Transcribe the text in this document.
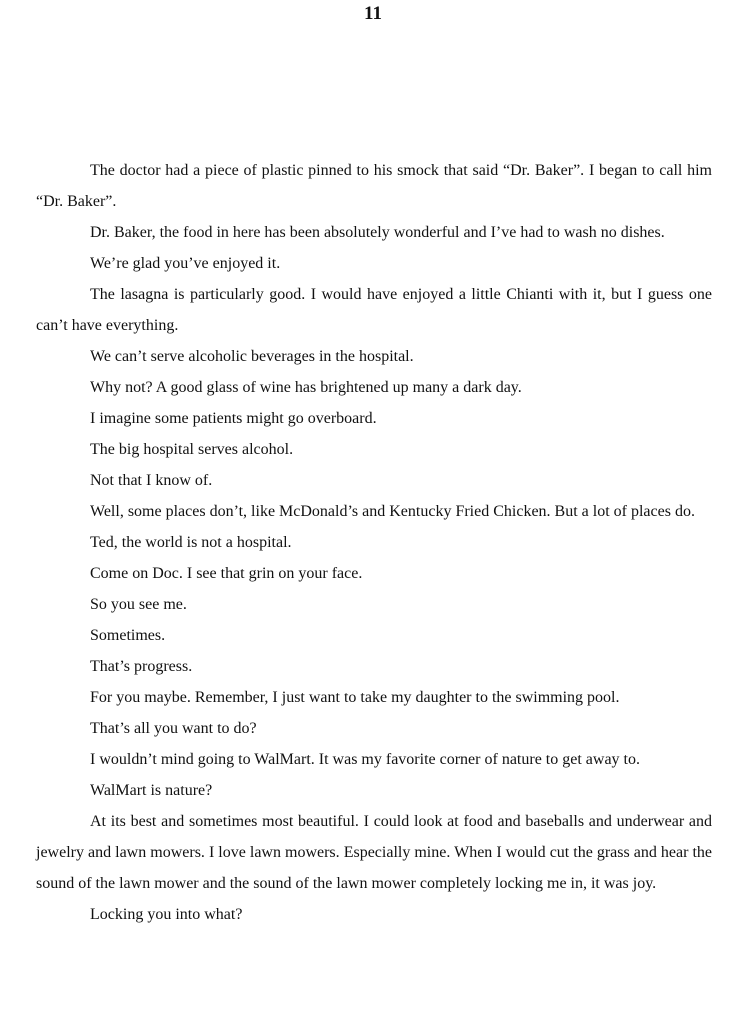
11

The doctor had a piece of plastic pinned to his smock that said “Dr. Baker”. I began to call him “Dr. Baker”.

Dr. Baker, the food in here has been absolutely wonderful and I’ve had to wash no dishes.

We’re glad you’ve enjoyed it.

The lasagna is particularly good. I would have enjoyed a little Chianti with it, but I guess one can’t have everything.

We can’t serve alcoholic beverages in the hospital.

Why not? A good glass of wine has brightened up many a dark day.

I imagine some patients might go overboard.

The big hospital serves alcohol.

Not that I know of.

Well, some places don’t, like McDonald’s and Kentucky Fried Chicken. But a lot of places do.

Ted, the world is not a hospital.

Come on Doc. I see that grin on your face.

So you see me.

Sometimes.

That’s progress.

For you maybe. Remember, I just want to take my daughter to the swimming pool.

That’s all you want to do?

I wouldn’t mind going to WalMart. It was my favorite corner of nature to get away to.

WalMart is nature?

At its best and sometimes most beautiful. I could look at food and baseballs and underwear and jewelry and lawn mowers. I love lawn mowers. Especially mine. When I would cut the grass and hear the sound of the lawn mower and the sound of the lawn mower completely locking me in, it was joy.

Locking you into what?
